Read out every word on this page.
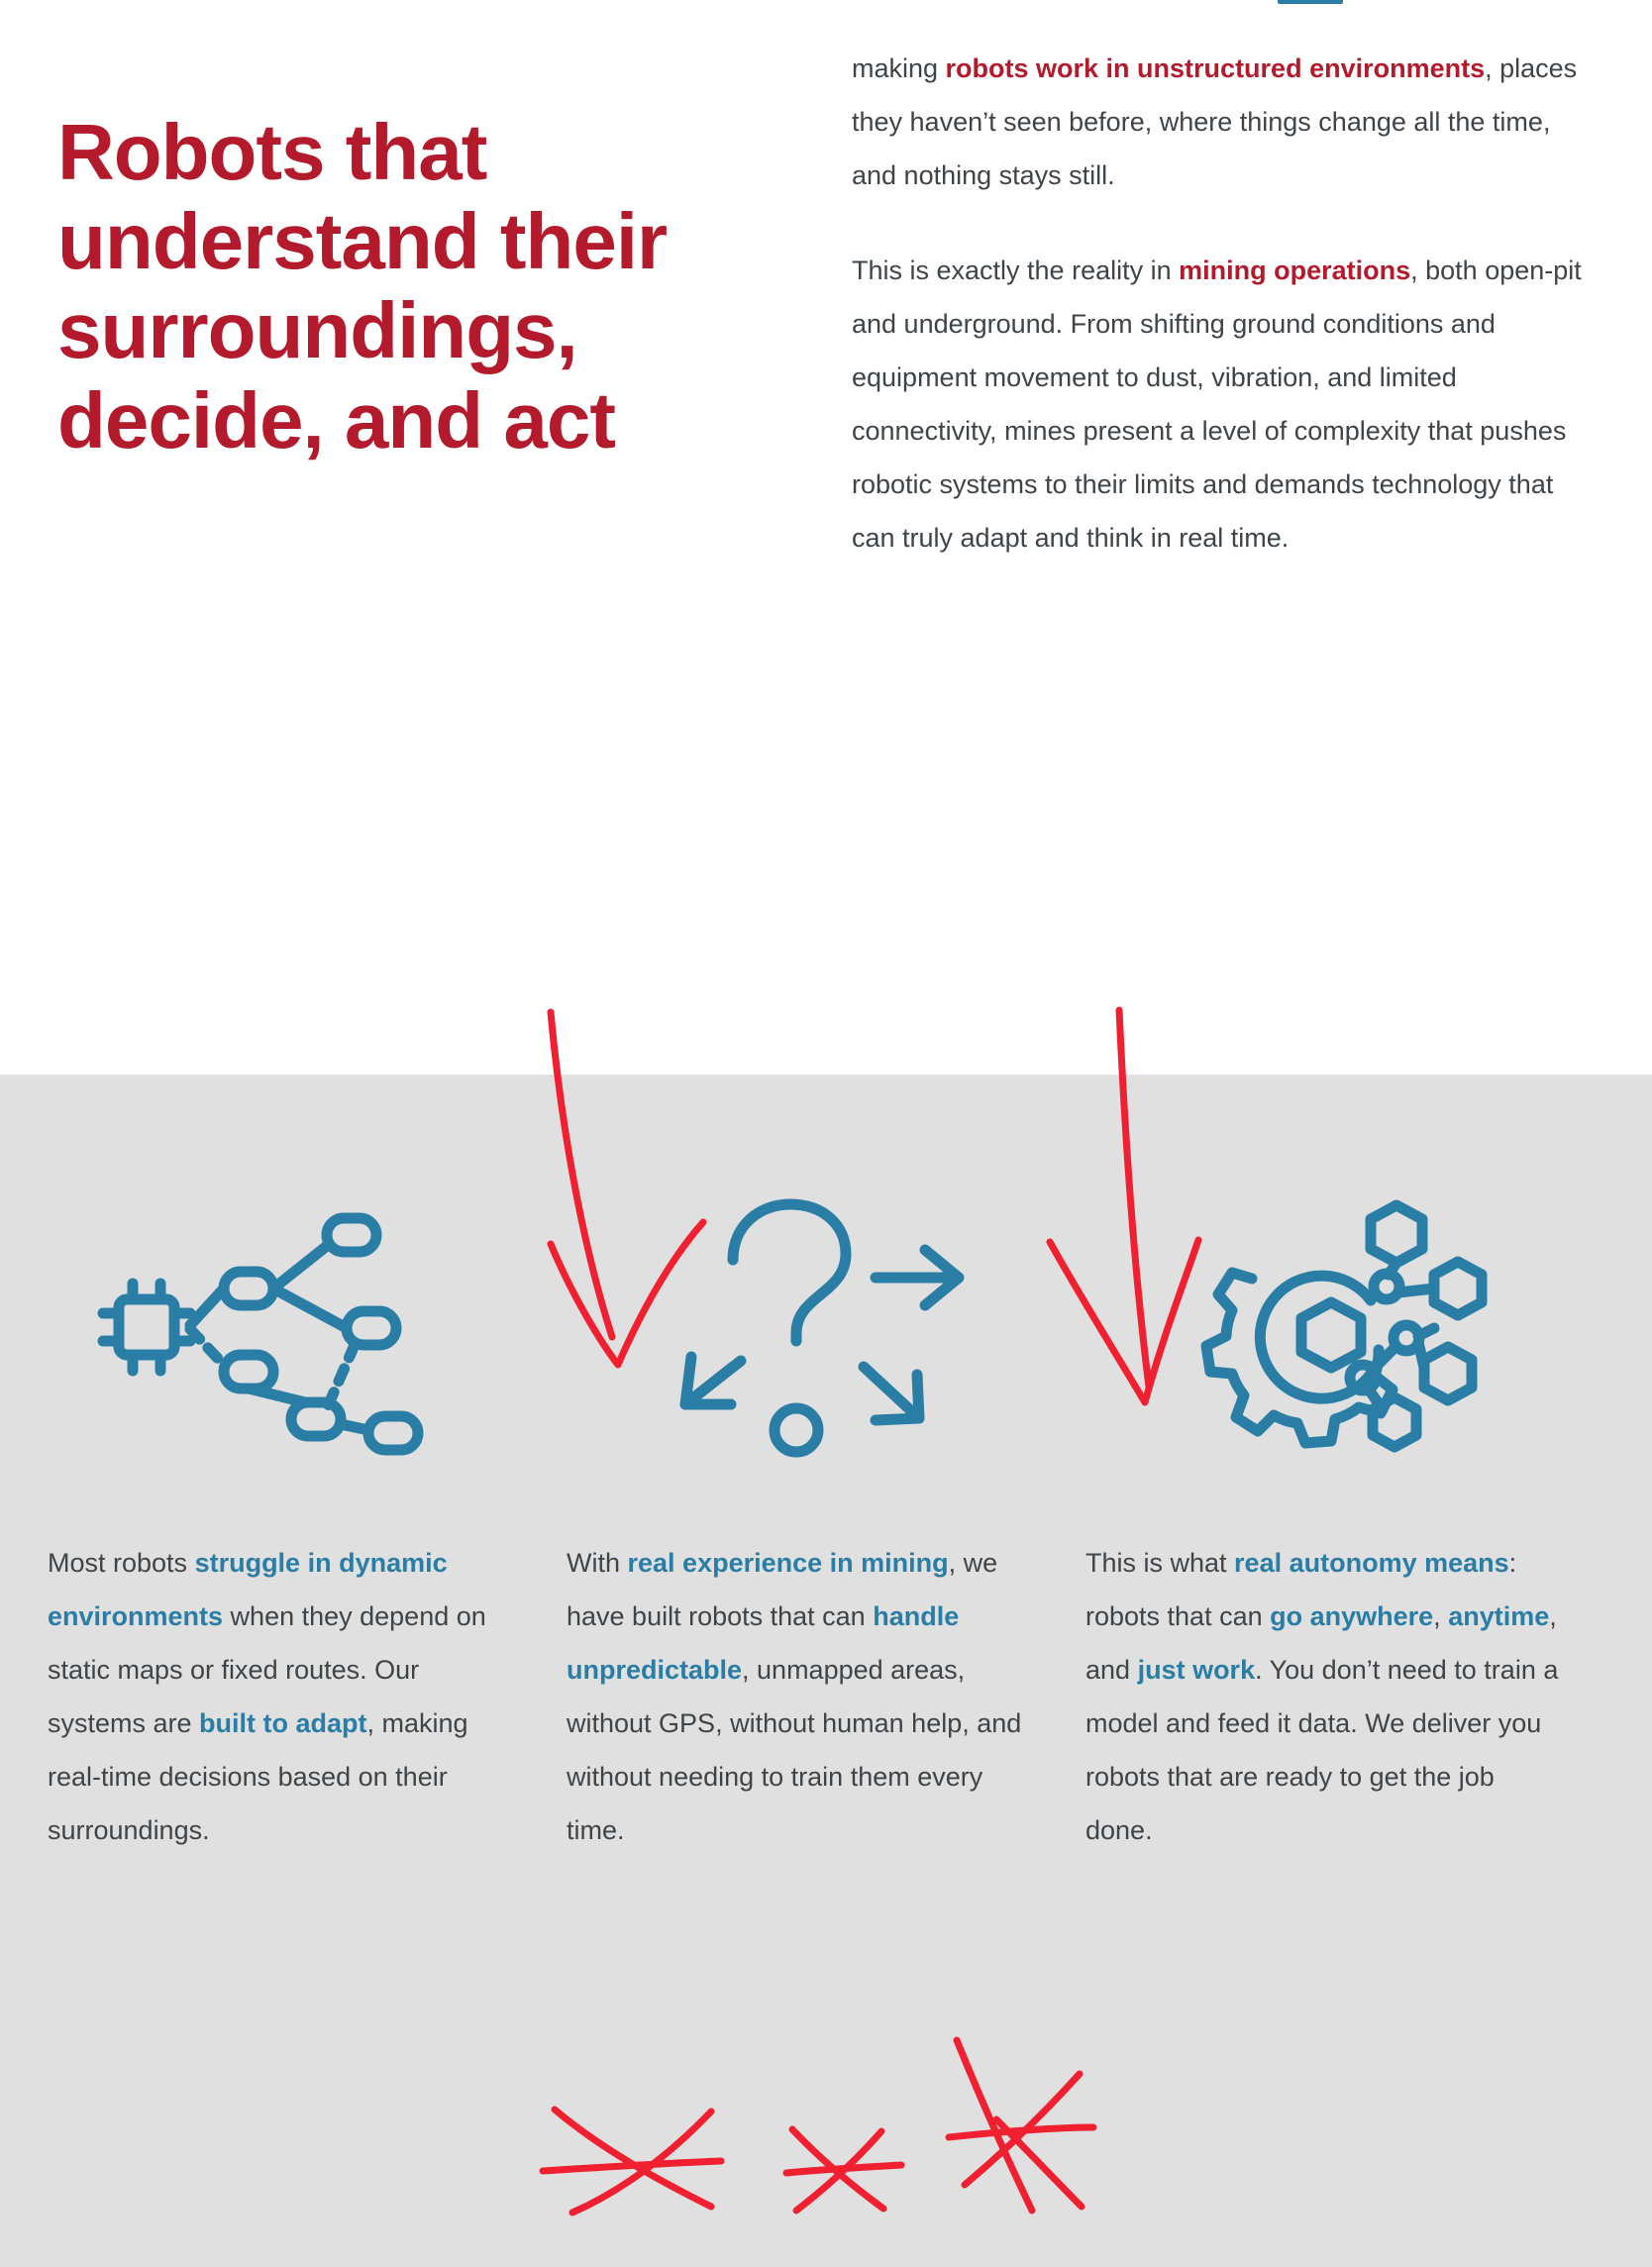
Robots that understand their surroundings, decide, and act

making robots work in unstructured environments, places they haven’t seen before, where things change all the time, and nothing stays still.

This is exactly the reality in mining operations, both open-pit and underground. From shifting ground conditions and equipment movement to dust, vibration, and limited connectivity, mines present a level of complexity that pushes robotic systems to their limits and demands technology that can truly adapt and think in real time.

Most robots struggle in dynamic environments when they depend on static maps or fixed routes. Our systems are built to adapt, making real-time decisions based on their surroundings.
With real experience in mining, we have built robots that can handle unpredictable, unmapped areas, without GPS, without human help, and without needing to train them every time.
This is what real autonomy means: robots that can go anywhere, anytime, and just work. You don’t need to train a model and feed it data. We deliver you robots that are ready to get the job done.
